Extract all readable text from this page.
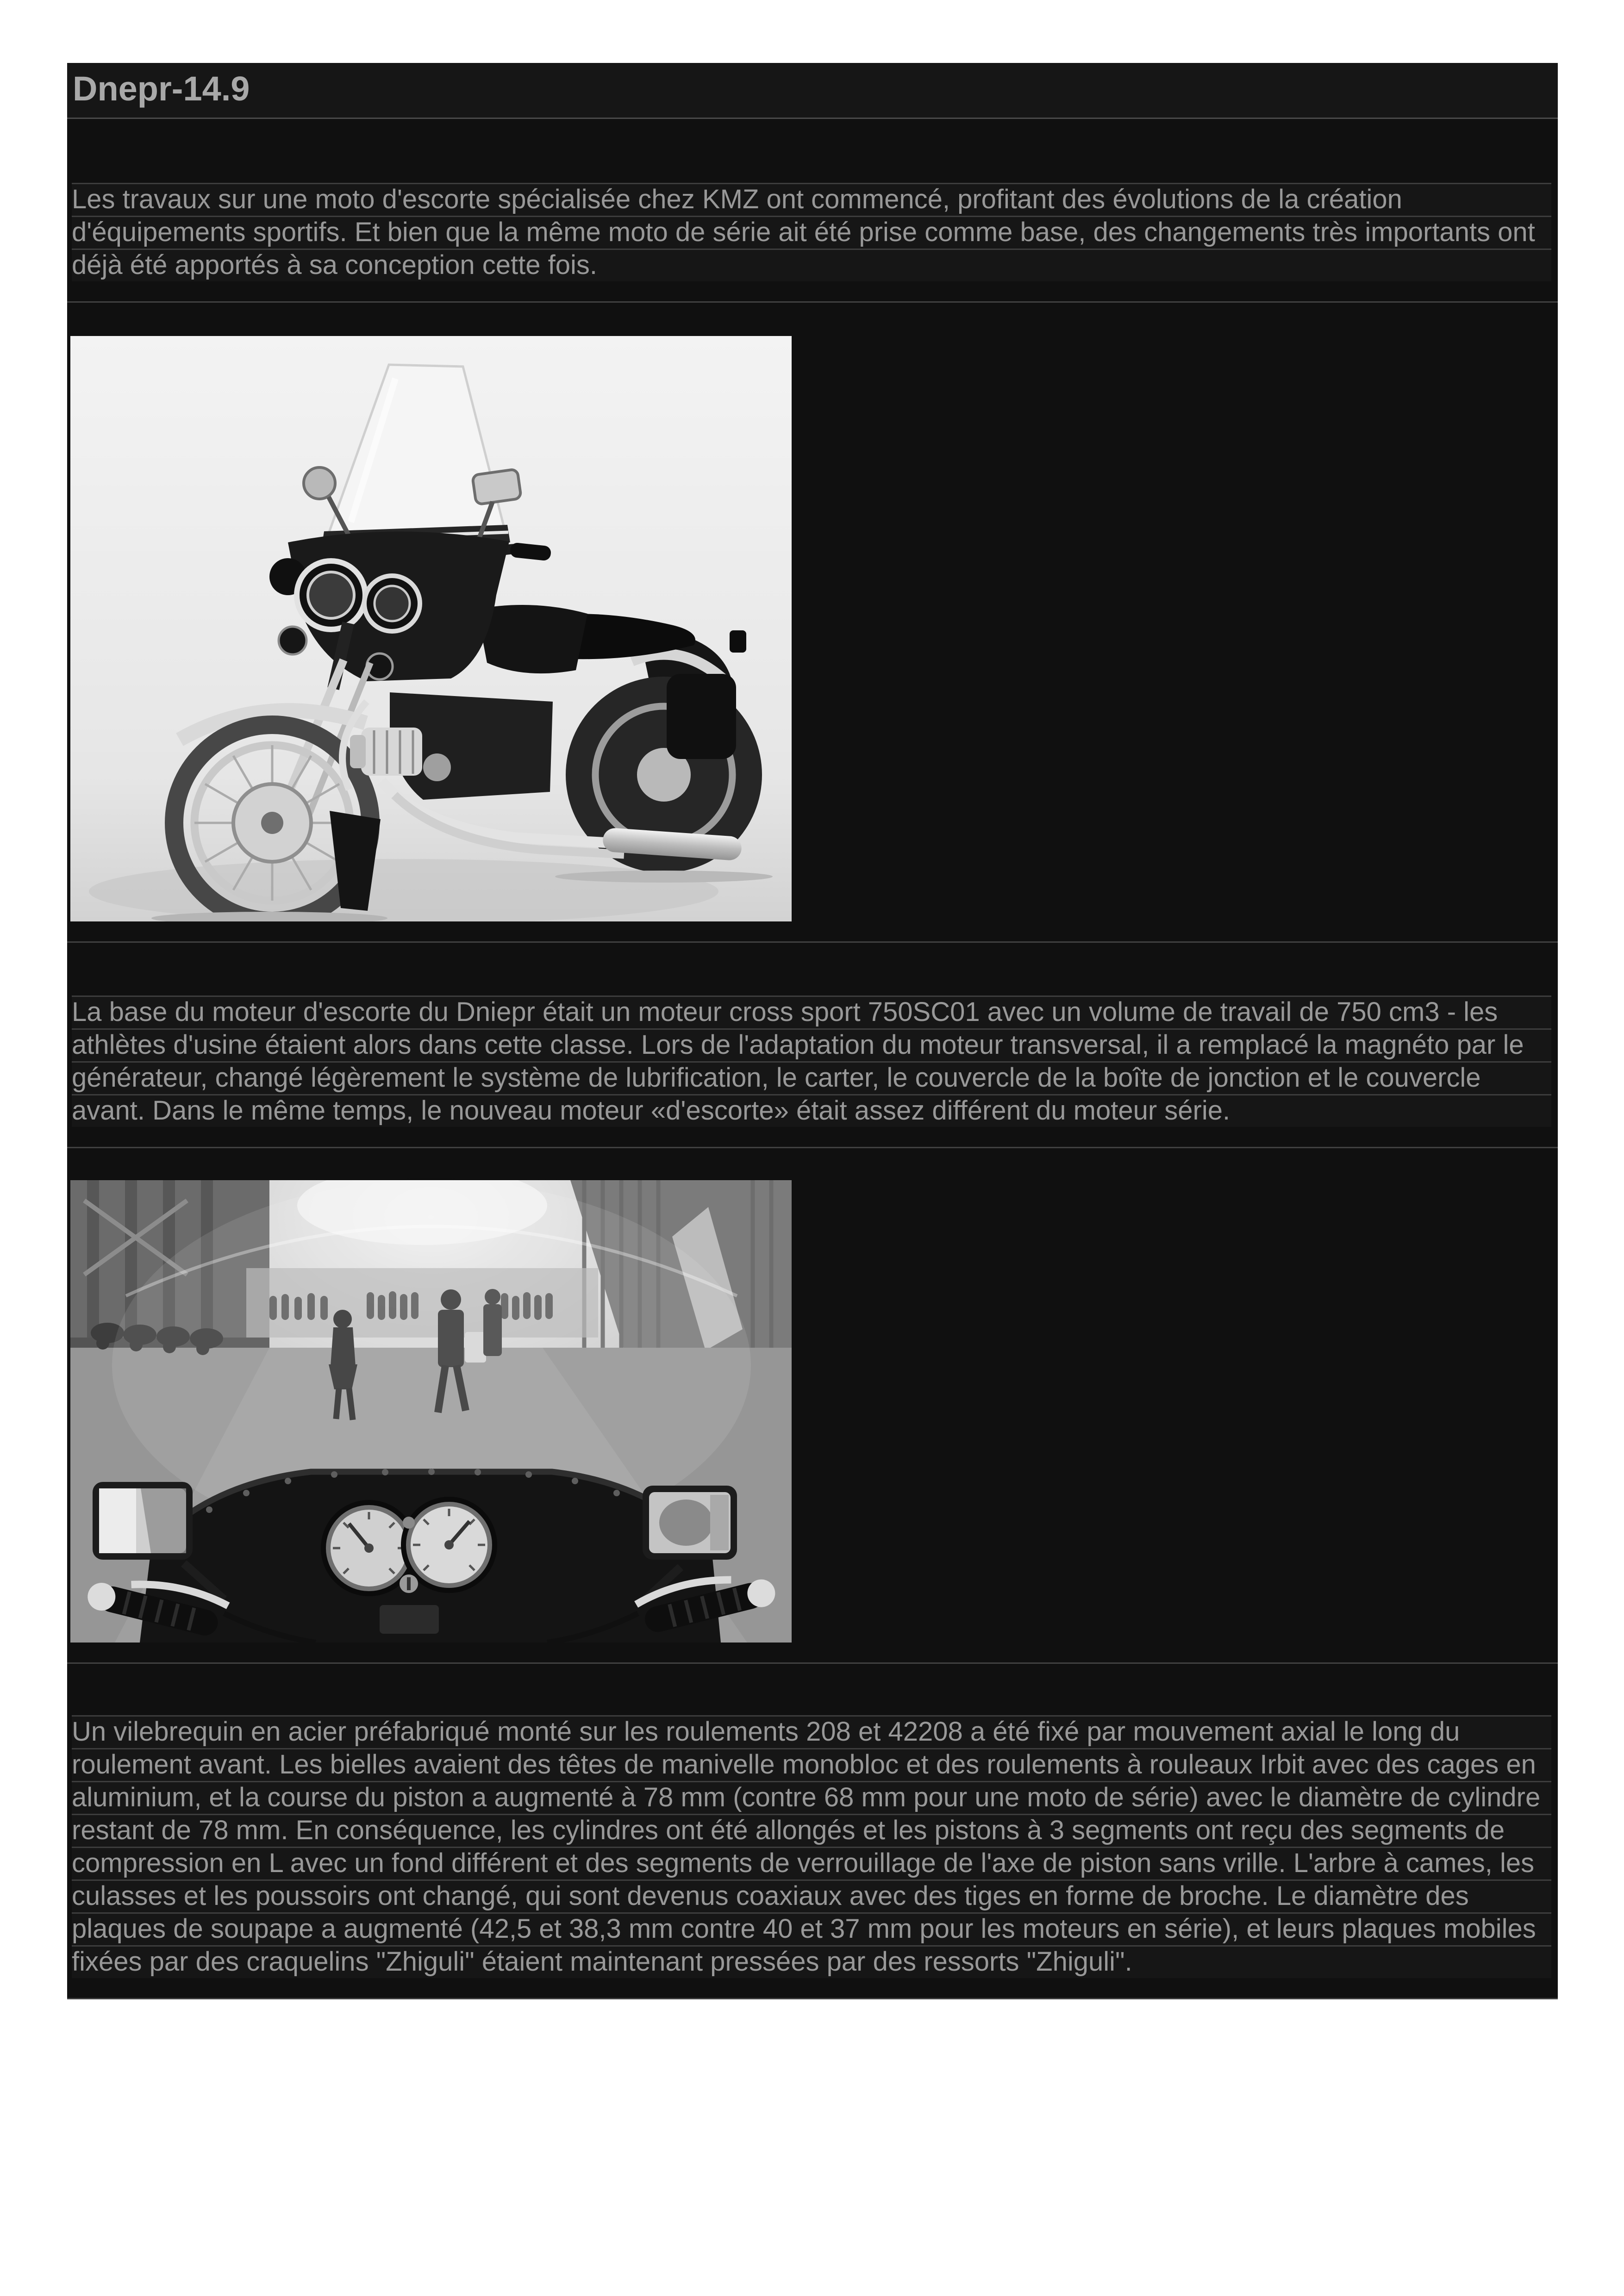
Dnepr-14.9

Les travaux sur une moto d'escorte spécialisée chez KMZ ont commencé, profitant des évolutions de la création d'équipements sportifs. Et bien que la même moto de série ait été prise comme base, des changements très importants ont déjà été apportés à sa conception cette fois.

La base du moteur d'escorte du Dniepr était un moteur cross sport 750SC01 avec un volume de travail de 750 cm3 - les athlètes d'usine étaient alors dans cette classe. Lors de l'adaptation du moteur transversal, il a remplacé la magnéto par le générateur, changé légèrement le système de lubrification, le carter, le couvercle de la boîte de jonction et le couvercle avant. Dans le même temps, le nouveau moteur «d'escorte» était assez différent du moteur série.

Un vilebrequin en acier préfabriqué monté sur les roulements 208 et 42208 a été fixé par mouvement axial le long du roulement avant. Les bielles avaient des têtes de manivelle monobloc et des roulements à rouleaux Irbit avec des cages en aluminium, et la course du piston a augmenté à 78 mm (contre 68 mm pour une moto de série) avec le diamètre de cylindre restant de 78 mm. En conséquence, les cylindres ont été allongés et les pistons à 3 segments ont reçu des segments de compression en L avec un fond différent et des segments de verrouillage de l'axe de piston sans vrille. L'arbre à cames, les culasses et les poussoirs ont changé, qui sont devenus coaxiaux avec des tiges en forme de broche. Le diamètre des plaques de soupape a augmenté (42,5 et 38,3 mm contre 40 et 37 mm pour les moteurs en série), et leurs plaques mobiles fixées par des craquelins "Zhiguli" étaient maintenant pressées par des ressorts "Zhiguli".
